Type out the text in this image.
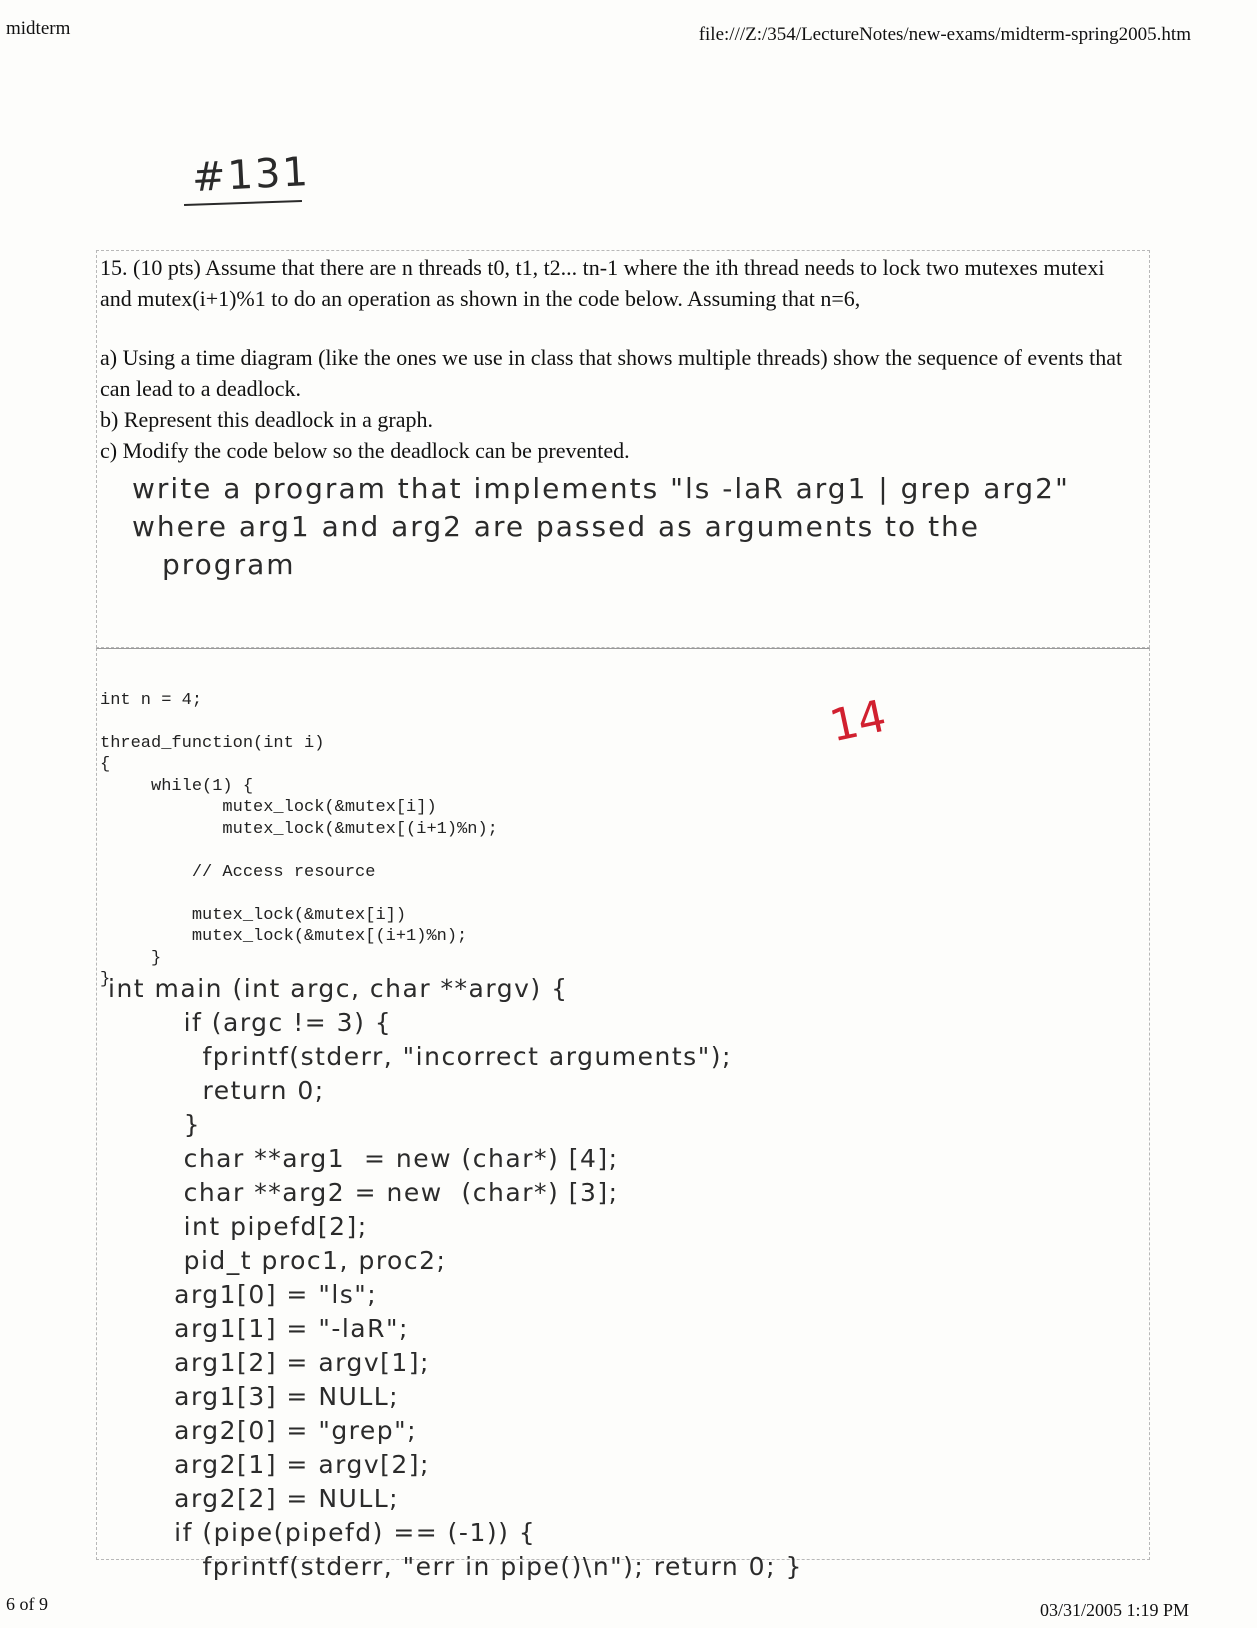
midterm	file:///Z:/354/LectureNotes/new-exams/midterm-spring2005.htm
#131
15. (10 pts) Assume that there are n threads t0, t1, t2... tn-1 where the ith thread needs to lock two mutexes mutexi and mutex(i+1)%1 to do an operation as shown in the code below. Assuming that n=6,
a) Using a time diagram (like the ones we use in class that shows multiple threads) show the sequence of events that can lead to a deadlock.
b) Represent this deadlock in a graph.
c) Modify the code below so the deadlock can be prevented.
write a program that implements "ls -laR arg1 | grep arg2"
where arg1 and arg2 are passed as arguments to the
program

int n = 4;

thread_function(int i)
{
while(1) {
mutex_lock(&mutex[i])
mutex_lock(&mutex[(i+1)%n);

// Access resource

mutex_lock(&mutex[i])
mutex_lock(&mutex[(i+1)%n);
}
}

14
int main (int argc, char **argv) {
if (argc != 3) {
fprintf(stderr, "incorrect arguments");
return 0;
}
char **arg1  = new (char*) [4];
char **arg2 = new  (char*) [3];
int pipefd[2];
pid_t proc1, proc2;
arg1[0] = "ls";
arg1[1] = "-laR";
arg1[2] = argv[1];
arg1[3] = NULL;
arg2[0] = "grep";
arg2[1] = argv[2];
arg2[2] = NULL;
if (pipe(pipefd) == (-1)) {
fprintf(stderr, "err in pipe()\n"); return 0; }
6 of 9	03/31/2005 1:19 PM
